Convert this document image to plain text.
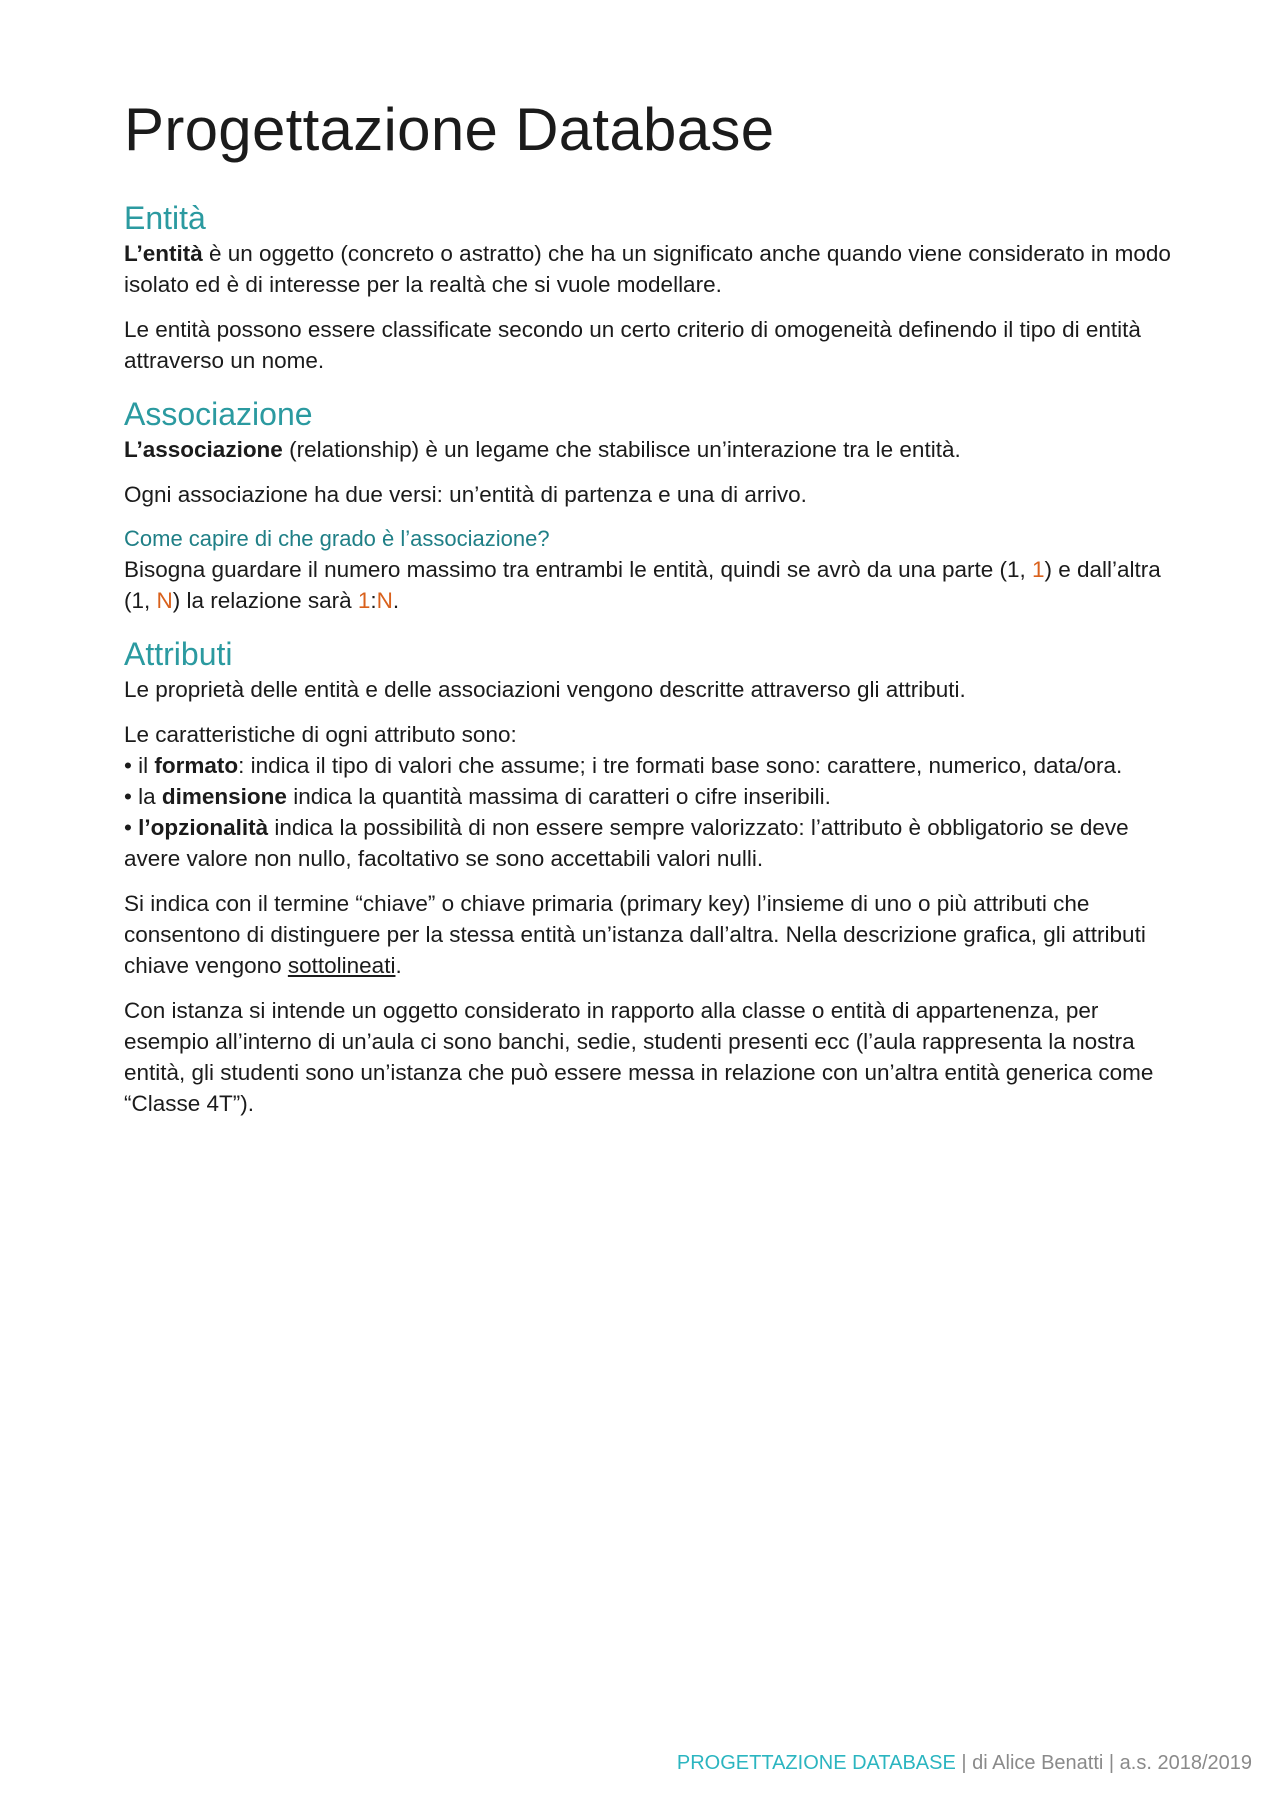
Progettazione Database
Entità

L’entità è un oggetto (concreto o astratto) che ha un significato anche quando viene considerato in modo isolato ed è di interesse per la realtà che si vuole modellare.

Le entità possono essere classificate secondo un certo criterio di omogeneità definendo il tipo di entità attraverso un nome.

Associazione

L’associazione (relationship) è un legame che stabilisce un’interazione tra le entità.

Ogni associazione ha due versi: un’entità di partenza e una di arrivo.

Come capire di che grado è l’associazione?

Bisogna guardare il numero massimo tra entrambi le entità, quindi se avrò da una parte (1, 1) e dall’altra (1, N) la relazione sarà 1:N.

Attributi

Le proprietà delle entità e delle associazioni vengono descritte attraverso gli attributi.

Le caratteristiche di ogni attributo sono:
• il formato: indica il tipo di valori che assume; i tre formati base sono: carattere, numerico, data/ora.
• la dimensione indica la quantità massima di caratteri o cifre inseribili.
• l’opzionalità indica la possibilità di non essere sempre valorizzato: l’attributo è obbligatorio se deve avere valore non nullo, facoltativo se sono accettabili valori nulli.

Si indica con il termine “chiave” o chiave primaria (primary key) l’insieme di uno o più attributi che consentono di distinguere per la stessa entità un’istanza dall’altra. Nella descrizione grafica, gli attributi chiave vengono sottolineati.

Con istanza si intende un oggetto considerato in rapporto alla classe o entità di appartenenza, per esempio all’interno di un’aula ci sono banchi, sedie, studenti presenti ecc (l’aula rappresenta la nostra entità, gli studenti sono un’istanza che può essere messa in relazione con un’altra entità generica come “Classe 4T”).

PROGETTAZIONE DATABASE | di Alice Benatti | a.s. 2018/2019
